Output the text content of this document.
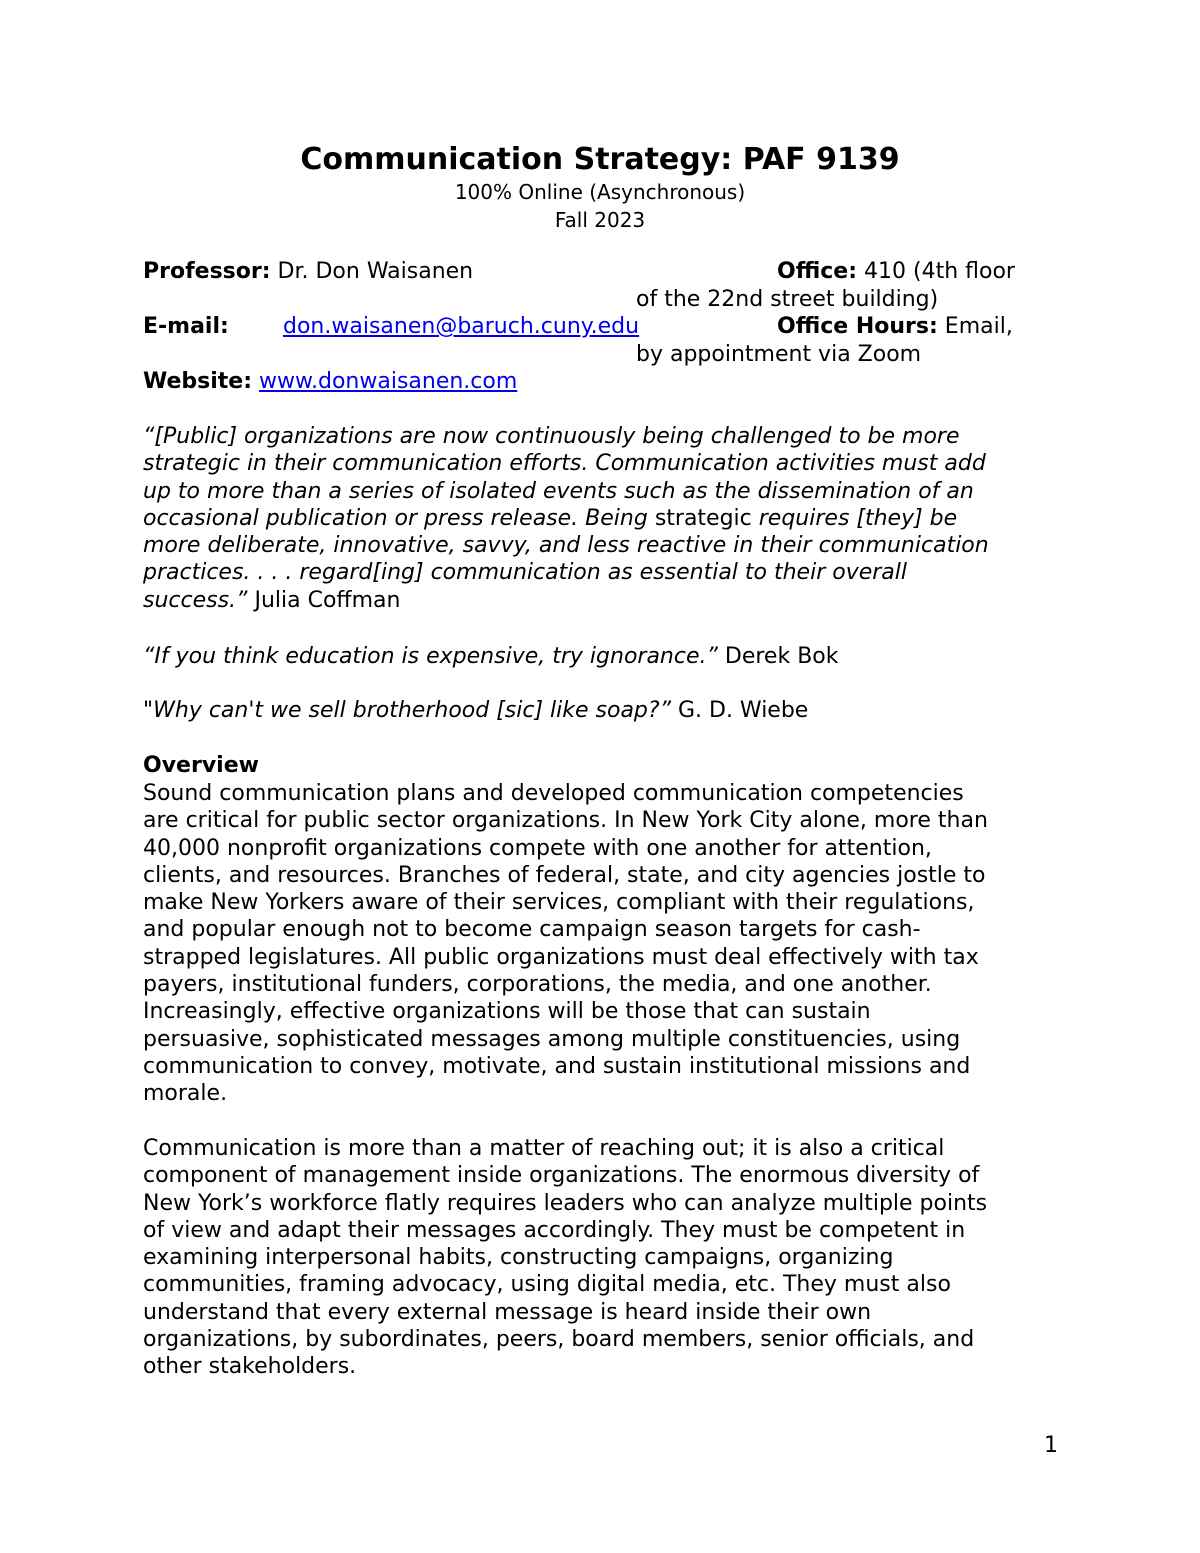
Communication Strategy: PAF 9139
100% Online (Asynchronous)
Fall 2023
Professor: Dr. Don Waisanen	Office: 410 (4th floor
of the 22nd street building)
E-mail: don.waisanen@baruch.cuny.edu	Office Hours: Email,
by appointment via Zoom
Website: www.donwaisanen.com
“[Public] organizations are now continuously being challenged to be more
strategic in their communication efforts. Communication activities must add
up to more than a series of isolated events such as the dissemination of an
occasional publication or press release. Being strategic requires [they] be
more deliberate, innovative, savvy, and less reactive in their communication
practices. . . . regard[ing] communication as essential to their overall
success.” Julia Coffman
“If you think education is expensive, try ignorance.” Derek Bok
"Why can't we sell brotherhood [sic] like soap?” G. D. Wiebe
Overview
Sound communication plans and developed communication competencies
are critical for public sector organizations. In New York City alone, more than
40,000 nonprofit organizations compete with one another for attention,
clients, and resources. Branches of federal, state, and city agencies jostle to
make New Yorkers aware of their services, compliant with their regulations,
and popular enough not to become campaign season targets for cash-
strapped legislatures. All public organizations must deal effectively with tax
payers, institutional funders, corporations, the media, and one another.
Increasingly, effective organizations will be those that can sustain
persuasive, sophisticated messages among multiple constituencies, using
communication to convey, motivate, and sustain institutional missions and
morale.
Communication is more than a matter of reaching out; it is also a critical
component of management inside organizations. The enormous diversity of
New York’s workforce flatly requires leaders who can analyze multiple points
of view and adapt their messages accordingly. They must be competent in
examining interpersonal habits, constructing campaigns, organizing
communities, framing advocacy, using digital media, etc. They must also
understand that every external message is heard inside their own
organizations, by subordinates, peers, board members, senior officials, and
other stakeholders.
1
